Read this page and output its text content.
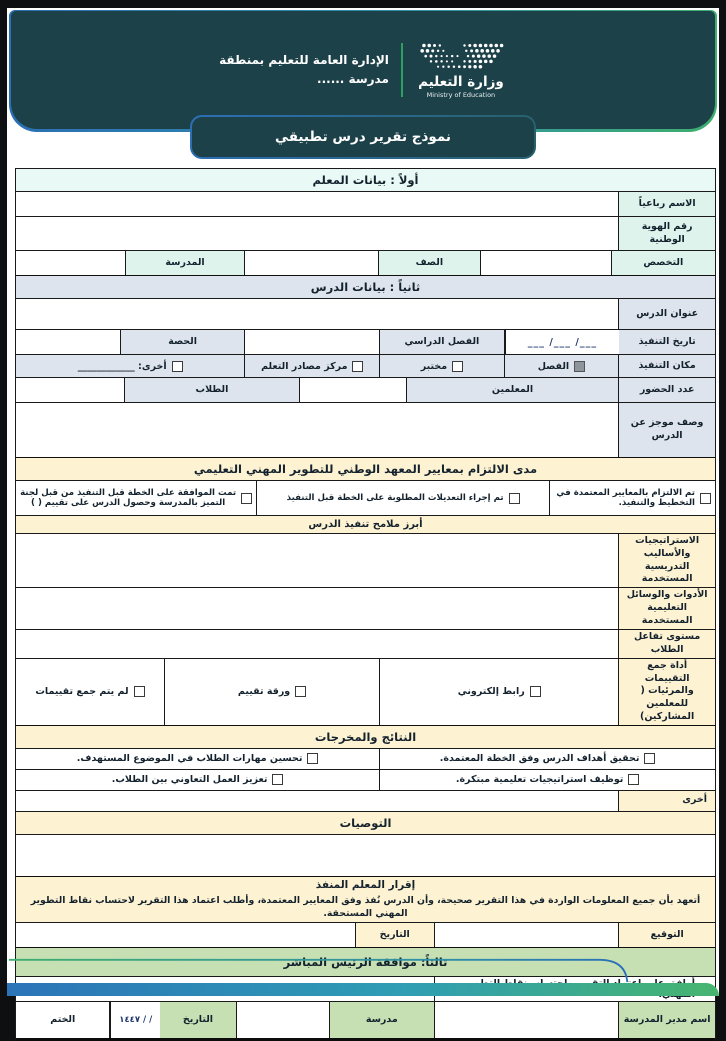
وزارة التعليم
Ministry of Education
الإدارة العامة للتعليم بمنطقة
مدرسة ......
نموذج تقرير درس تطبيقي
أولاً : بيانات المعلم
الاسم رباعياً
رقم الهوية الوطنية
التخصص
الصف
المدرسة
ثانياً : بيانات الدرس
عنوان الدرس
تاريخ التنفيذ
___ /___ /___
الفصل الدراسي
الحصة
مكان التنفيذ
الفصل
مختبر
مركز مصادر التعلم
أخرى: ____________
عدد الحضور
المعلمين
الطلاب
وصف موجز عن الدرس
مدى الالتزام بمعايير المعهد الوطني للتطوير المهني التعليمي
تم الالتزام بالمعايير المعتمدة في التخطيط والتنفيذ.
تم إجراء التعديلات المطلوبة على الخطة قبل التنفيذ
تمت الموافقة على الخطة قبل التنفيذ من قبل لجنة التميز بالمدرسة وحصول الدرس على تقييم ( )
أبرز ملامح تنفيذ الدرس
الاستراتيجيات والأساليب التدريسية المستخدمة
الأدوات والوسائل التعليمية المستخدمة
مستوى تفاعل الطلاب
أداة جمع التقييمات والمرئيات ( للمعلمين المشاركين)
رابط إلكتروني
ورقة تقييم
لم يتم جمع تقييمات
النتائج والمخرجات
تحقيق أهداف الدرس وفق الخطة المعتمدة.
تحسين مهارات الطلاب في الموضوع المستهدف.
توظيف استراتيجيات تعليمية مبتكرة.
تعزيز العمل التعاوني بين الطلاب.
أخرى
التوصيات
إقرار المعلم المنفذ
أتعهد بأن جميع المعلومات الواردة في هذا التقرير صحيحة، وأن الدرس نُفذ وفق المعايير المعتمدة، وأطلب اعتماد هذا التقرير لاحتساب نقاط التطوير المهني المستحقة.
التوقيع
التاريخ
ثالثاً: موافقة الرئيس المباشر
اسم مدير المدرسة
مدرسة
التاريخ
١٤٤٧ / /
الختم
